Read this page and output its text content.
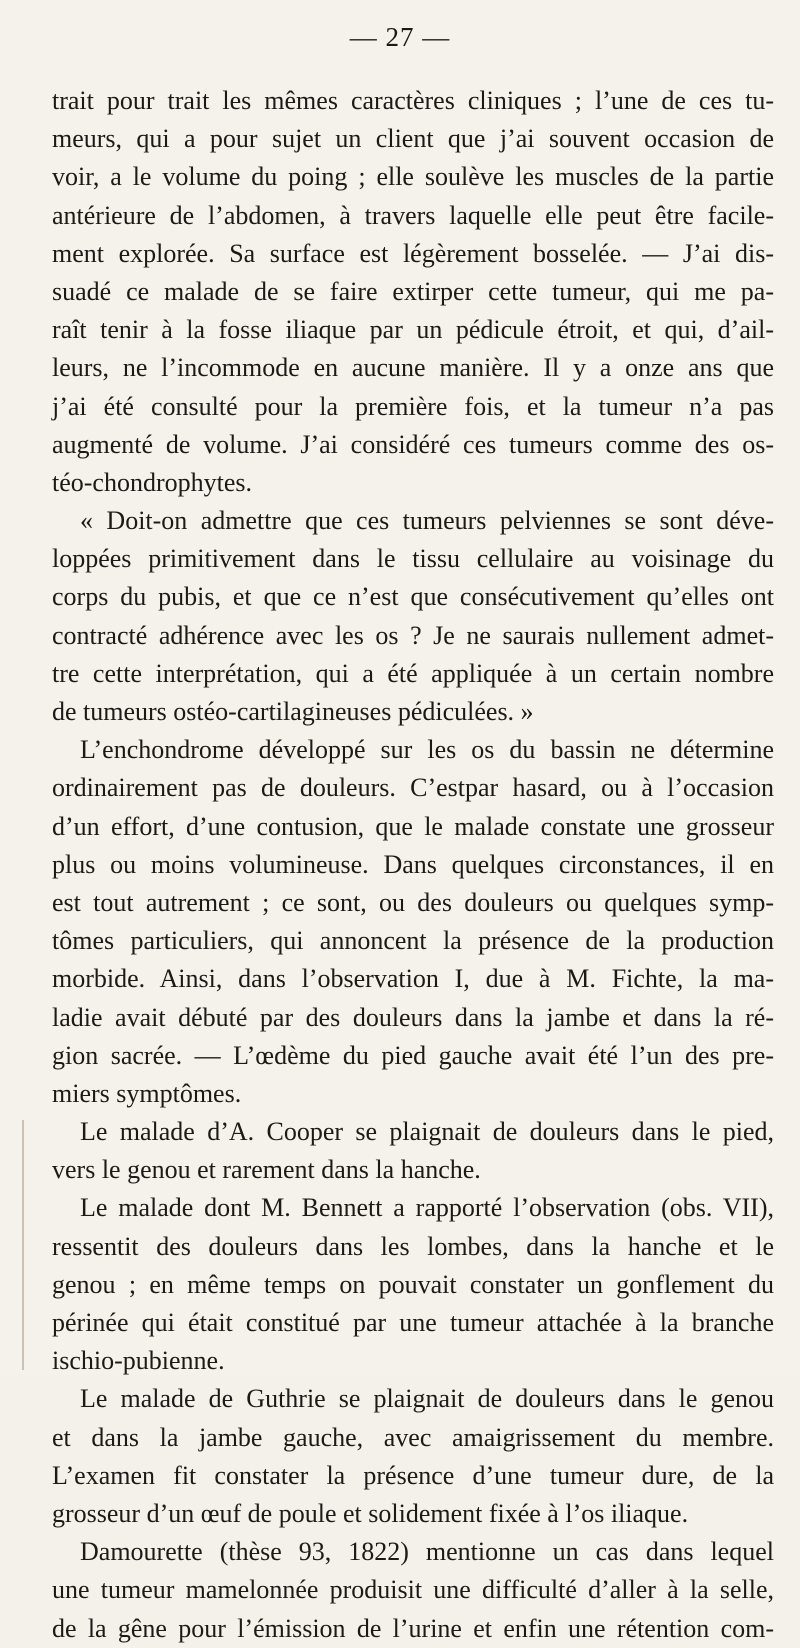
— 27 —
trait pour trait les mêmes caractères cliniques ; l’une de ces tu-
meurs, qui a pour sujet un client que j’ai souvent occasion de
voir, a le volume du poing ; elle soulève les muscles de la partie
antérieure de l’abdomen, à travers laquelle elle peut être facile-
ment explorée. Sa surface est légèrement bosselée. — J’ai dis-
suadé ce malade de se faire extirper cette tumeur, qui me pa-
raît tenir à la fosse iliaque par un pédicule étroit, et qui, d’ail-
leurs, ne l’incommode en aucune manière. Il y a onze ans que
j’ai été consulté pour la première fois, et la tumeur n’a pas
augmenté de volume. J’ai considéré ces tumeurs comme des os-
téo-chondrophytes.
« Doit-on admettre que ces tumeurs pelviennes se sont déve-
loppées primitivement dans le tissu cellulaire au voisinage du
corps du pubis, et que ce n’est que consécutivement qu’elles ont
contracté adhérence avec les os ? Je ne saurais nullement admet-
tre cette interprétation, qui a été appliquée à un certain nombre
de tumeurs ostéo-cartilagineuses pédiculées. »
L’enchondrome développé sur les os du bassin ne détermine
ordinairement pas de douleurs. C’estpar hasard, ou à l’occasion
d’un effort, d’une contusion, que le malade constate une grosseur
plus ou moins volumineuse. Dans quelques circonstances, il en
est tout autrement ; ce sont, ou des douleurs ou quelques symp-
tômes particuliers, qui annoncent la présence de la production
morbide. Ainsi, dans l’observation I, due à M. Fichte, la ma-
ladie avait débuté par des douleurs dans la jambe et dans la ré-
gion sacrée. — L’œdème du pied gauche avait été l’un des pre-
miers symptômes.
Le malade d’A. Cooper se plaignait de douleurs dans le pied,
vers le genou et rarement dans la hanche.
Le malade dont M. Bennett a rapporté l’observation (obs. VII),
ressentit des douleurs dans les lombes, dans la hanche et le
genou ; en même temps on pouvait constater un gonflement du
périnée qui était constitué par une tumeur attachée à la branche
ischio-pubienne.
Le malade de Guthrie se plaignait de douleurs dans le genou
et dans la jambe gauche, avec amaigrissement du membre.
L’examen fit constater la présence d’une tumeur dure, de la
grosseur d’un œuf de poule et solidement fixée à l’os iliaque.
Damourette (thèse 93, 1822) mentionne un cas dans lequel
une tumeur mamelonnée produisit une difficulté d’aller à la selle,
de la gêne pour l’émission de l’urine et enfin une rétention com-
